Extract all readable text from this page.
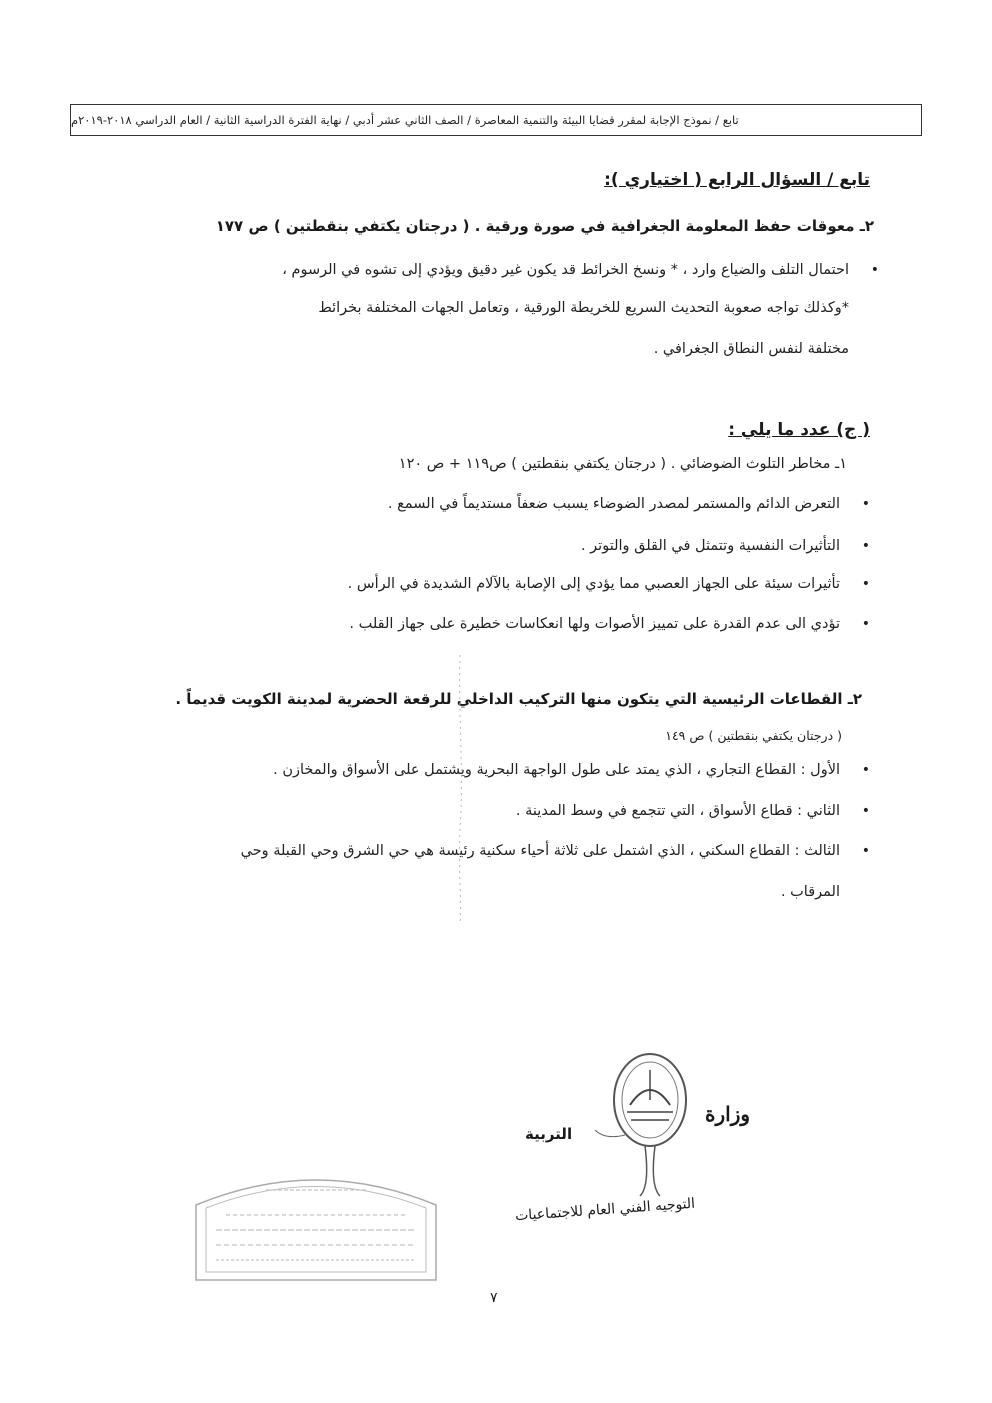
تابع / نموذج الإجابة لمقرر قضايا البيئة والتنمية المعاصرة / الصف الثاني عشر أدبي / نهاية الفترة الدراسية الثانية / العام الدراسي ٢٠١٨-٢٠١٩م
تابع / السؤال الرابع ( اختياري ):
٢ـ معوقات حفظ المعلومة الجغرافية في صورة ورقية . ( درجتان يكتفي بنقطتين ) ص ١٧٧
احتمال التلف والضياع وارد ، * ونسخ الخرائط قد يكون غير دقيق ويؤدي إلى تشوه في الرسوم ، •
*وكذلك تواجه صعوبة التحديث السريع للخريطة الورقية ، وتعامل الجهات المختلفة بخرائط
مختلفة لنفس النطاق الجغرافي .
( ج) عدد ما يلي :
١ـ مخاطر التلوث الضوضائي . ( درجتان يكتفي بنقطتين ) ص١١٩ + ص ١٢٠
التعرض الدائم والمستمر لمصدر الضوضاء يسبب ضعفاً مستديماً في السمع . •
التأثيرات النفسية وتتمثل في القلق والتوتر . •
تأثيرات سيئة على الجهاز العصبي مما يؤدي إلى الإصابة بالآلام الشديدة في الرأس . •
تؤدي الى عدم القدرة على تمييز الأصوات ولها انعكاسات خطيرة على جهاز القلب . •
٢ـ القطاعات الرئيسية التي يتكون منها التركيب الداخلي للرقعة الحضرية لمدينة الكويت قديماً .
( درجتان يكتفي بنقطتين ) ص ١٤٩
الأول : القطاع التجاري ، الذي يمتد على طول الواجهة البحرية ويشتمل على الأسواق والمخازن . •
الثاني : قطاع الأسواق ، التي تتجمع في وسط المدينة . •
الثالث : القطاع السكني ، الذي اشتمل على ثلاثة أحياء سكنية رئيسة هي حي الشرق وحي القبلة وحي •
المرقاب .
وزارة
التربية
التوجيه الفني العام للاجتماعيات
٧
